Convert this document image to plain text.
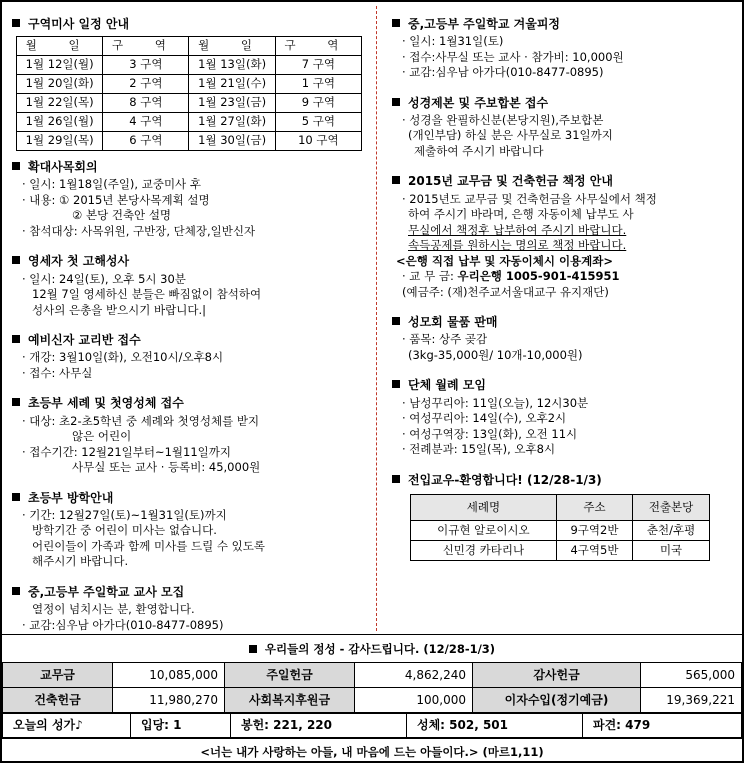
구역미사 일정 안내
월 일	구 역	월 일	구 역
1월 12일(월)	3 구역	1월 13일(화)	7 구역
1월 20일(화)	2 구역	1월 21일(수)	1 구역
1월 22일(목)	8 구역	1월 23일(금)	9 구역
1월 26일(월)	4 구역	1월 27일(화)	5 구역
1월 29일(목)	6 구역	1월 30일(금)	10 구역
확대사목회의
· 일시: 1월18일(주일), 교중미사 후
· 내용: ① 2015년 본당사목계획 설명
② 본당 건축안 설명
· 참석대상: 사목위원, 구반장, 단체장,일반신자
영세자 첫 고해성사
· 일시: 24일(토), 오후 5시 30분
12월 7일 영세하신 분들은 빠짐없이 참석하여
성사의 은총을 받으시기 바랍니다.|
예비신자 교리반 접수
· 개강: 3월10일(화), 오전10시/오후8시
· 접수: 사무실
초등부 세례 및 첫영성체 접수
· 대상: 초2-초5학년 중 세례와 첫영성체를 받지
않은 어린이
· 접수기간: 12월21일부터~1월11일까지
사무실 또는 교사 · 등록비: 45,000원
초등부 방학안내
· 기간: 12월27일(토)~1월31일(토)까지
방학기간 중 어린이 미사는 없습니다.
어린이들이 가족과 함께 미사를 드릴 수 있도록
해주시기 바랍니다.
중,고등부 주일학교 교사 모집
열정이 넘치시는 분, 환영합니다.
· 교감:심우남 아가다(010-8477-0895)
중,고등부 주일학교 겨울피정
· 일시: 1월31일(토)
· 접수:사무실 또는 교사 · 참가비: 10,000원
· 교감:심우남 아가다(010-8477-0895)
성경제본 및 주보합본 접수
· 성경을 완필하신분(본당지원),주보합본
(개인부담) 하실 분은 사무실로 31일까지
제출하여 주시기 바랍니다
2015년 교무금 및 건축헌금 책정 안내
· 2015년도 교무금 및 건축헌금을 사무실에서 책정
하여 주시기 바라며, 은행 자동이체 납부도 사
무실에서 책정후 납부하여 주시기 바랍니다.
속득공제를 원하시는 명의로 책정 바랍니다.
<은행 직접 납부 및 자동이체시 이용계좌>
· 교 무 금: 우리은행 1005-901-415951
(예금주: (재)천주교서울대교구 유지재단)
성모회 물품 판매
· 품목: 상주 곶감
(3kg-35,000원/ 10개-10,000원)
단체 월례 모임
· 남성꾸리아: 11일(오늘), 12시30분
· 여성꾸리아: 14일(수), 오후2시
· 여성구역장: 13일(화), 오전 11시
· 전례분과: 15일(목), 오후8시
전입교우-환영합니다! (12/28-1/3)
세례명	주소	전출본당
이규현 알로이시오	9구역2반	춘천/후평
신민경 카타리나	4구역5반	미국
우리들의 정성 - 감사드립니다. (12/28-1/3)
교무금	10,085,000	주일헌금	4,862,240	감사헌금	565,000
건축헌금	11,980,270	사회복지후원금	100,000	이자수입(정기예금)	19,369,221
오늘의 성가♪	입당: 1	봉헌: 221, 220	성체: 502, 501	파견: 479
<너는 내가 사랑하는 아들, 내 마음에 드는 아들이다.> (마르1,11)
